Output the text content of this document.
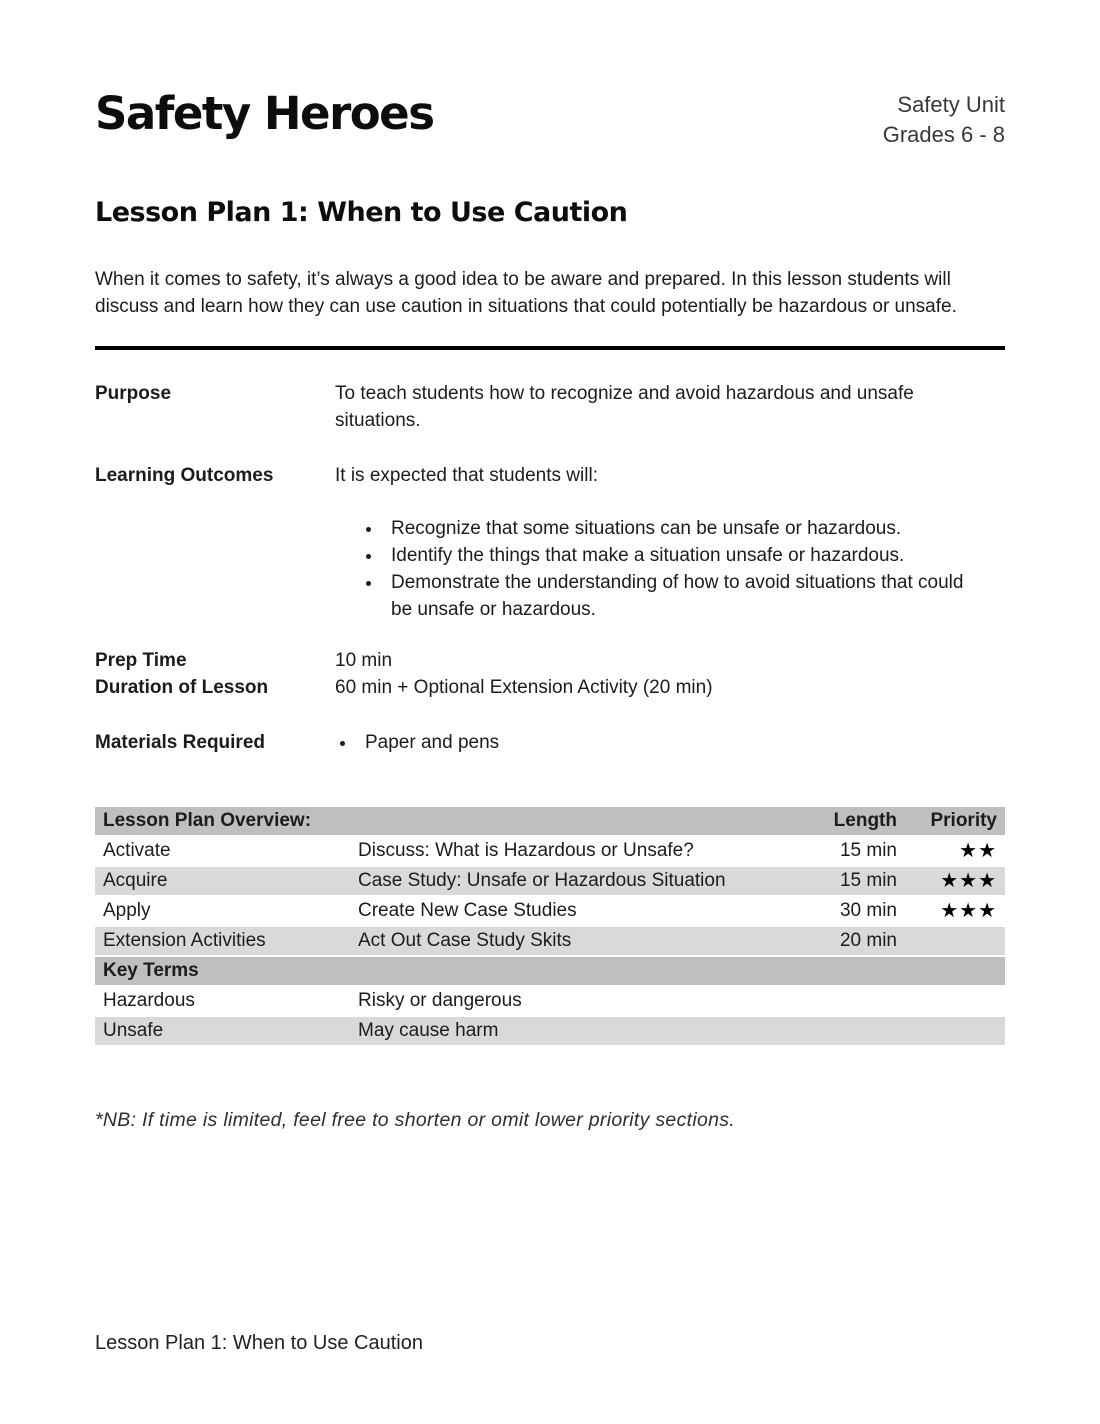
Safety Heroes	Safety Unit
Grades 6 - 8
Lesson Plan 1: When to Use Caution

When it comes to safety, it’s always a good idea to be aware and prepared. In this lesson students will discuss and learn how they can use caution in situations that could potentially be hazardous or unsafe.

Purpose	To teach students how to recognize and avoid hazardous and unsafe situations.
Learning Outcomes	It is expected that students will:
• Recognize that some situations can be unsafe or hazardous.
• Identify the things that make a situation unsafe or hazardous.
• Demonstrate the understanding of how to avoid situations that could be unsafe or hazardous.
Prep Time	10 min
Duration of Lesson	60 min + Optional Extension Activity (20 min)
Materials Required	• Paper and pens
Lesson Plan Overview:		Length	Priority
Activate	Discuss: What is Hazardous or Unsafe?	15 min	★★
Acquire	Case Study: Unsafe or Hazardous Situation	15 min	★★★
Apply	Create New Case Studies	30 min	★★★
Extension Activities	Act Out Case Study Skits	20 min	
Key Terms			
Hazardous	Risky or dangerous		
Unsafe	May cause harm		

*NB: If time is limited, feel free to shorten or omit lower priority sections.

Lesson Plan 1: When to Use Caution
